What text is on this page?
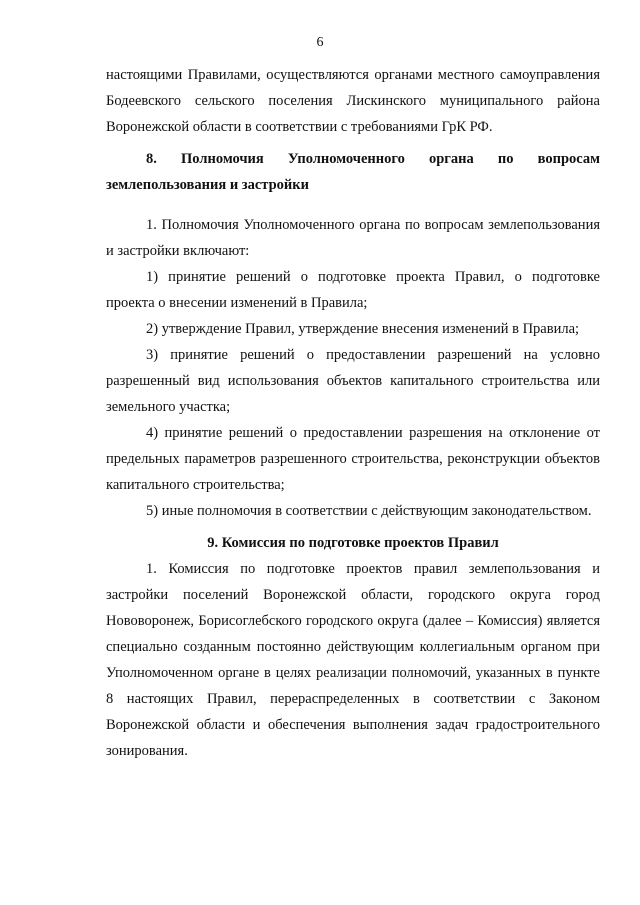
6

настоящими Правилами, осуществляются органами местного самоуправления Бодеевского сельского поселения Лискинского муниципального района Воронежской области в соответствии с требованиями ГрК РФ.

8. Полномочия Уполномоченного органа по вопросам землепользования и застройки

1. Полномочия Уполномоченного органа по вопросам землепользования и застройки включают:

1) принятие решений о подготовке проекта Правил, о подготовке проекта о внесении изменений в Правила;

2) утверждение Правил, утверждение внесения изменений в Правила;

3) принятие решений о предоставлении разрешений на условно разрешенный вид использования объектов капитального строительства или земельного участка;

4) принятие решений о предоставлении разрешения на отклонение от предельных параметров разрешенного строительства, реконструкции объектов капитального строительства;

5) иные полномочия в соответствии с действующим законодательством.

9. Комиссия по подготовке проектов Правил

1. Комиссия по подготовке проектов правил землепользования и застройки поселений Воронежской области, городского округа город Нововоронеж, Борисоглебского городского округа (далее – Комиссия) является специально созданным постоянно действующим коллегиальным органом при Уполномоченном органе в целях реализации полномочий, указанных в пункте 8 настоящих Правил, перераспределенных в соответствии с Законом Воронежской области и обеспечения выполнения задач градостроительного зонирования.
